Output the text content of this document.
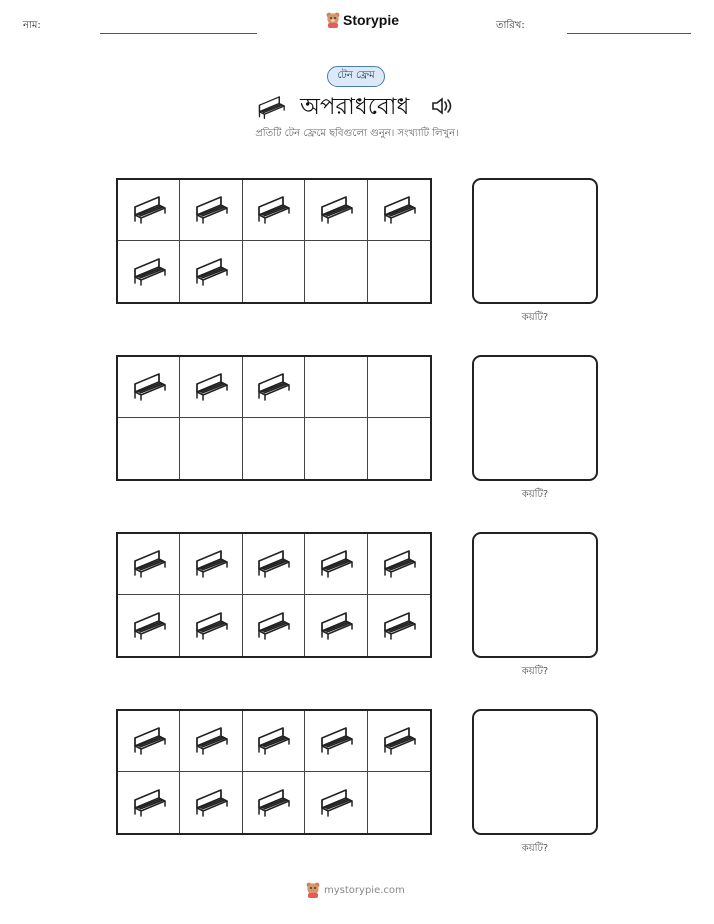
নাম:	Storypie	তারিখ:
টেন ফ্রেম
অপরাধবোধ
প্রতিটি টেন ফ্রেমে ছবিগুলো গুনুন। সংখ্যাটি লিখুন।
কয়টি?
কয়টি?
কয়টি?
কয়টি?
mystorypie.com
